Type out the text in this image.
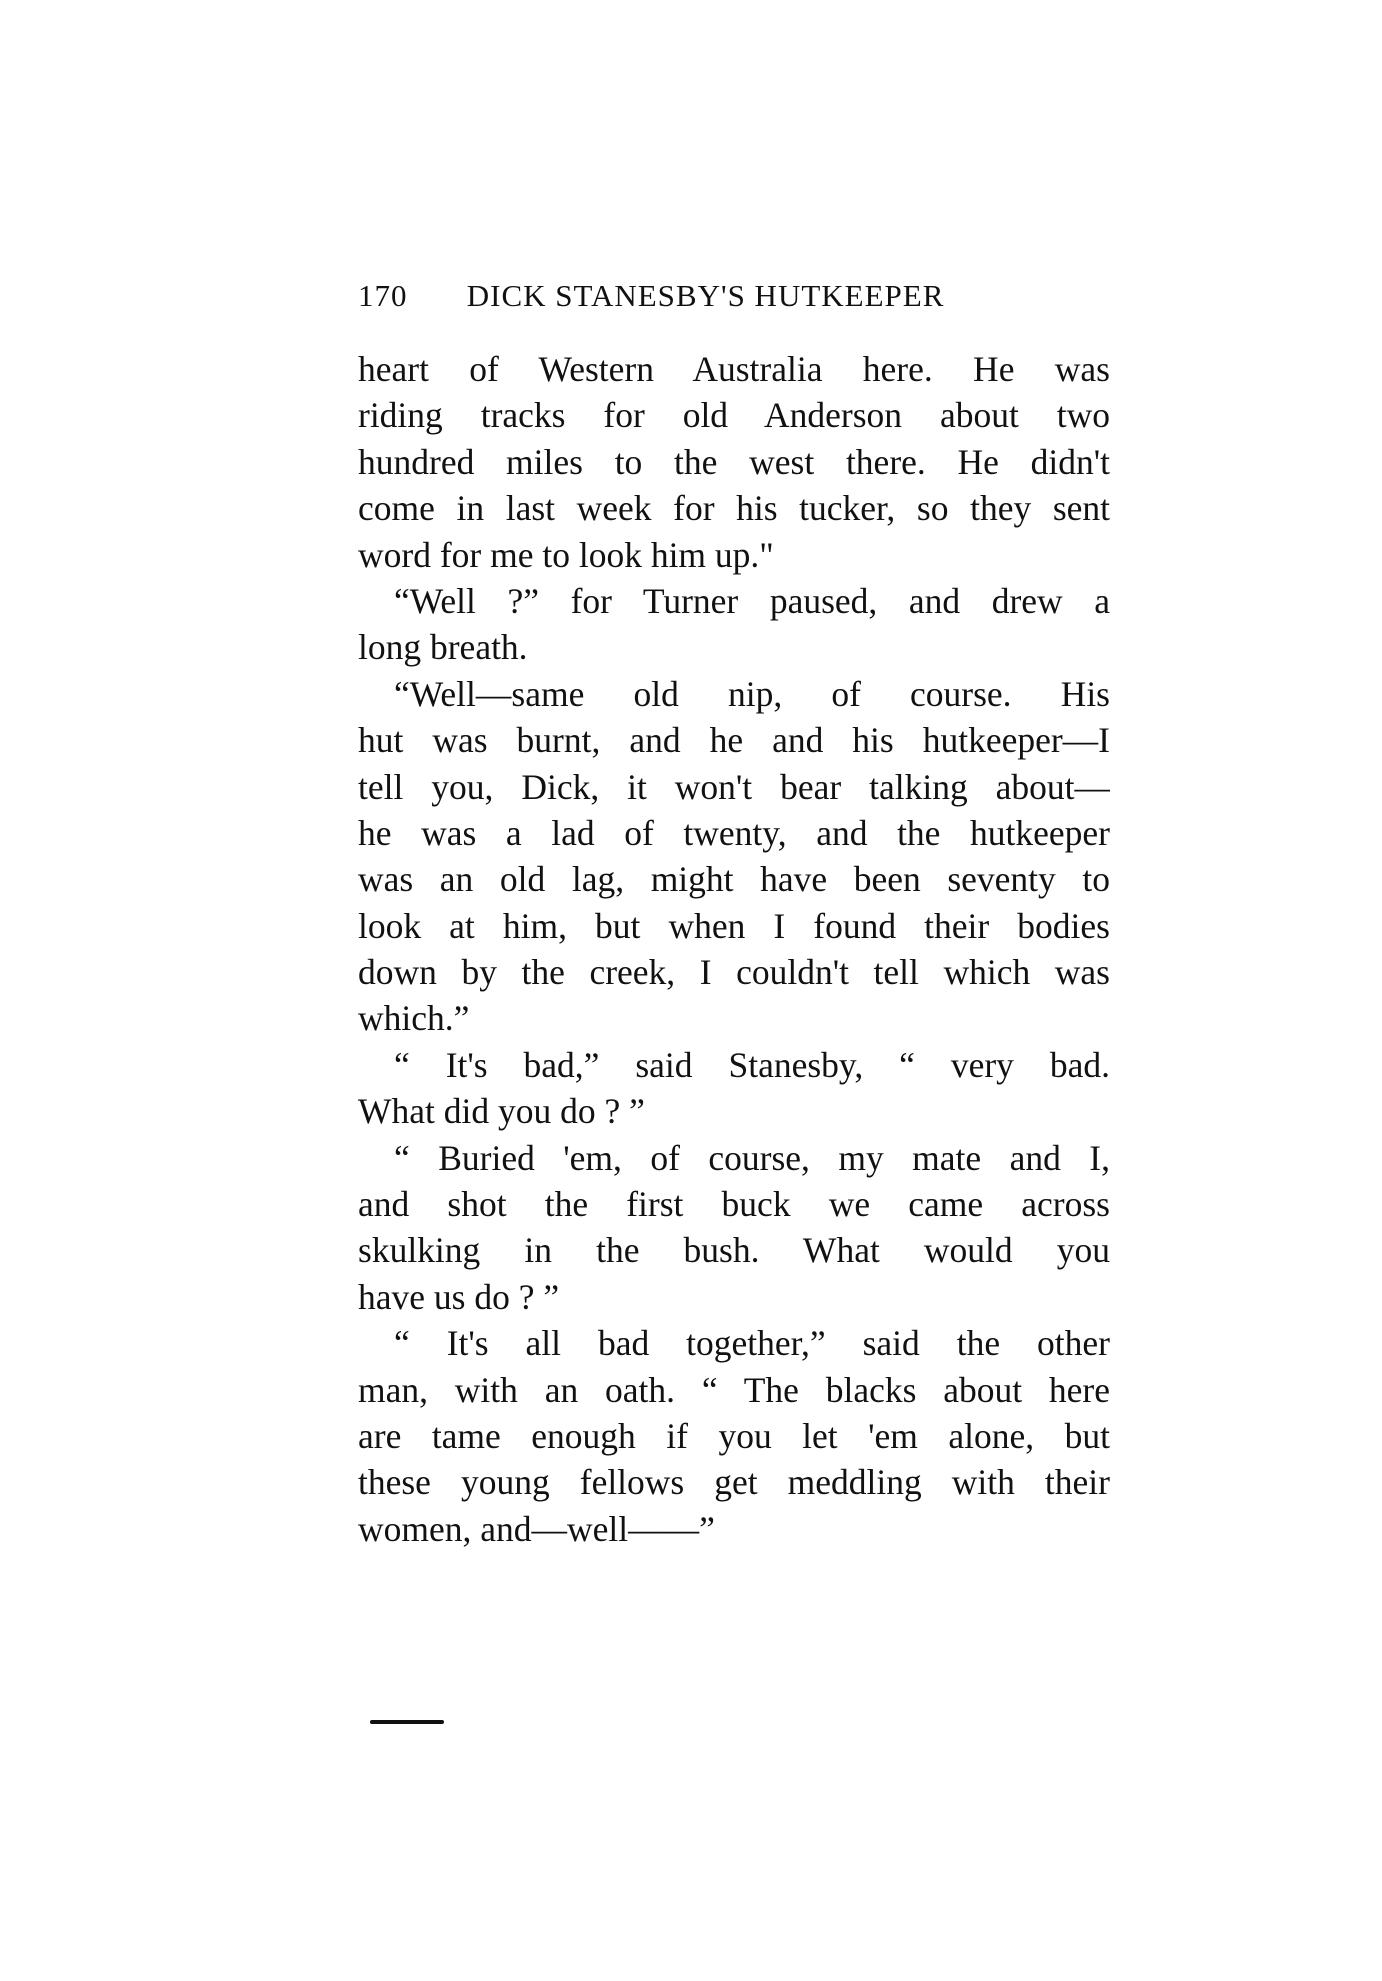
170 DICK STANESBY'S HUTKEEPER
heart of Western Australia here. He was
riding tracks for old Anderson about two
hundred miles to the west there. He didn't
come in last week for his tucker, so they sent
word for me to look him up."
“Well ?” for Turner paused, and drew a
long breath.
“Well—same old nip, of course. His
hut was burnt, and he and his hutkeeper—I
tell you, Dick, it won't bear talking about—
he was a lad of twenty, and the hutkeeper
was an old lag, might have been seventy to
look at him, but when I found their bodies
down by the creek, I couldn't tell which was
which.”
“ It's bad,” said Stanesby, “ very bad.
What did you do ? ”
“ Buried 'em, of course, my mate and I,
and shot the first buck we came across
skulking in the bush. What would you
have us do ? ”
“ It's all bad together,” said the other
man, with an oath. “ The blacks about here
are tame enough if you let 'em alone, but
these young fellows get meddling with their
women, and—well——”
